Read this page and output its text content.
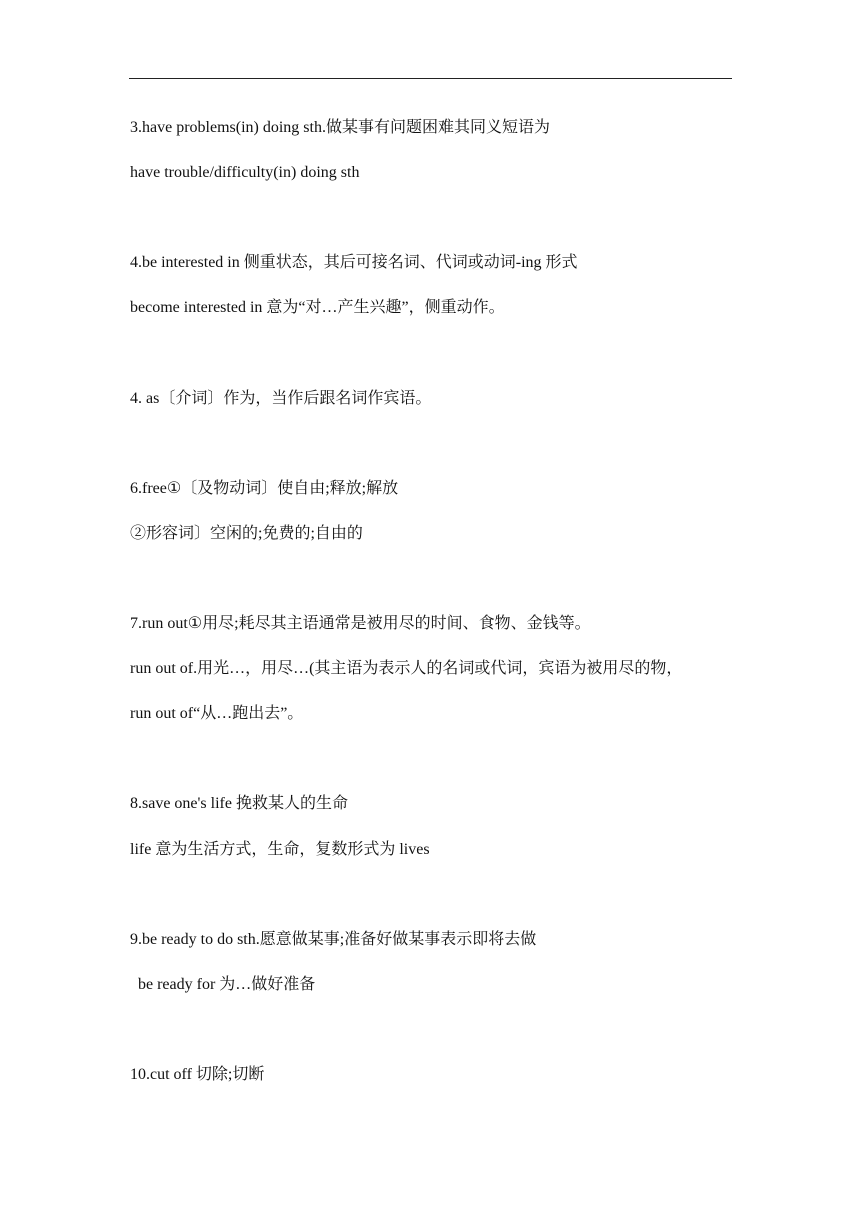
3.have problems(in) doing sth.做某事有问题困难其同义短语为
have trouble/difficulty(in) doing sth
4.be interested in 侧重状态，其后可接名词、代词或动词-ing 形式
become interested in 意为“对…产生兴趣”，侧重动作。
4. as〔介词〕作为，当作后跟名词作宾语。
6.free①〔及物动词〕使自由;释放;解放
②形容词〕空闲的;免费的;自由的
7.run out①用尽;耗尽其主语通常是被用尽的时间、食物、金钱等。
run out of.用光…，用尽…(其主语为表示人的名词或代词，宾语为被用尽的物，
run out of“从…跑出去”。
8.save one's life 挽救某人的生命
life 意为生活方式，生命，复数形式为 lives
9.be ready to do sth.愿意做某事;准备好做某事表示即将去做
be ready for 为…做好准备
10.cut off 切除;切断
